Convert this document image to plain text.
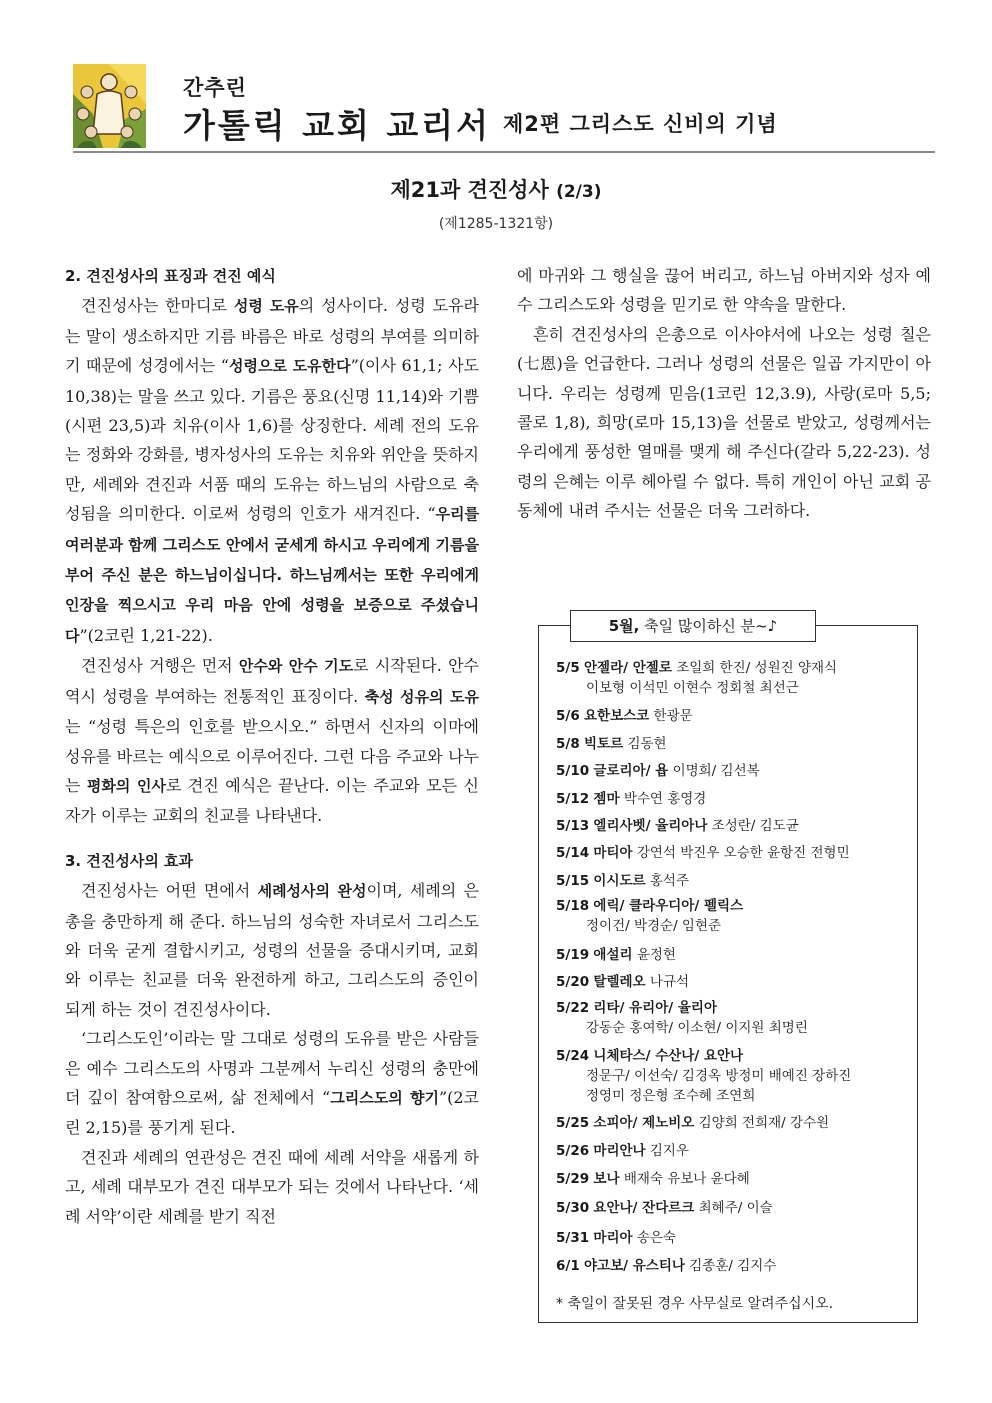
간추린
가톨릭 교회 교리서 제2편 그리스도 신비의 기념
제21과 견진성사 (2/3)
(제1285-1321항)
2. 견진성사의 표징과 견진 예식

견진성사는 한마디로 성령 도유의 성사이다. 성령 도유라는 말이 생소하지만 기름 바름은 바로 성령의 부여를 의미하기 때문에 성경에서는 “성령으로 도유한다”(이사 61,1; 사도 10,38)는 말을 쓰고 있다. 기름은 풍요(신명 11,14)와 기쁨(시편 23,5)과 치유(이사 1,6)를 상징한다. 세례 전의 도유는 정화와 강화를, 병자성사의 도유는 치유와 위안을 뜻하지만, 세례와 견진과 서품 때의 도유는 하느님의 사람으로 축성됨을 의미한다. 이로써 성령의 인호가 새겨진다. “우리를 여러분과 함께 그리스도 안에서 굳세게 하시고 우리에게 기름을 부어 주신 분은 하느님이십니다. 하느님께서는 또한 우리에게 인장을 찍으시고 우리 마음 안에 성령을 보증으로 주셨습니다”(2코린 1,21-22).

견진성사 거행은 먼저 안수와 안수 기도로 시작된다. 안수 역시 성령을 부여하는 전통적인 표징이다. 축성 성유의 도유는 “성령 특은의 인호를 받으시오.” 하면서 신자의 이마에 성유를 바르는 예식으로 이루어진다. 그런 다음 주교와 나누는 평화의 인사로 견진 예식은 끝난다. 이는 주교와 모든 신자가 이루는 교회의 친교를 나타낸다.

3. 견진성사의 효과

견진성사는 어떤 면에서 세례성사의 완성이며, 세례의 은총을 충만하게 해 준다. 하느님의 성숙한 자녀로서 그리스도와 더욱 굳게 결합시키고, 성령의 선물을 증대시키며, 교회와 이루는 친교를 더욱 완전하게 하고, 그리스도의 증인이 되게 하는 것이 견진성사이다.

‘그리스도인’이라는 말 그대로 성령의 도유를 받은 사람들은 예수 그리스도의 사명과 그분께서 누리신 성령의 충만에 더 깊이 참여함으로써, 삶 전체에서 “그리스도의 향기”(2코린 2,15)를 풍기게 된다.

견진과 세례의 연관성은 견진 때에 세례 서약을 새롭게 하고, 세례 대부모가 견진 대부모가 되는 것에서 나타난다. ‘세례 서약’이란 세례를 받기 직전

에 마귀와 그 행실을 끊어 버리고, 하느님 아버지와 성자 예수 그리스도와 성령을 믿기로 한 약속을 말한다.

흔히 견진성사의 은총으로 이사야서에 나오는 성령 칠은(七恩)을 언급한다. 그러나 성령의 선물은 일곱 가지만이 아니다. 우리는 성령께 믿음(1코린 12,3.9), 사랑(로마 5,5; 콜로 1,8), 희망(로마 15,13)을 선물로 받았고, 성령께서는 우리에게 풍성한 열매를 맺게 해 주신다(갈라 5,22-23). 성령의 은혜는 이루 헤아릴 수 없다. 특히 개인이 아닌 교회 공동체에 내려 주시는 선물은 더욱 그러하다.

5월, 축일 많이하신 분~♪
5/5 안젤라/ 안젤로 조일희 한진/ 성원진 양재식
이보형 이석민 이현수 정회철 최선근
5/6 요한보스코 한광문
5/8 빅토르 김동현
5/10 글로리아/ 욥 이명희/ 김선복
5/12 젬마 박수연 홍영경
5/13 엘리사벳/ 율리아나 조성란/ 김도균
5/14 마티아 강연석 박진우 오승한 윤항진 전형민
5/15 이시도르 홍석주
5/18 에릭/ 클라우디아/ 펠릭스
정이건/ 박경순/ 임현준
5/19 애설리 윤정현
5/20 탈렐레오 나규석
5/22 리타/ 유리아/ 율리아
강동순 홍여학/ 이소현/ 이지원 최명린
5/24 니체타스/ 수산나/ 요안나
정문구/ 이선숙/ 김경옥 방정미 배예진 장하진
정영미 정은형 조수혜 조연희
5/25 소피아/ 제노비오 김양희 전희재/ 강수원
5/26 마리안나 김지우
5/29 보나 배재숙 유보나 윤다혜
5/30 요안나/ 잔다르크 최혜주/ 이슬
5/31 마리아 송은숙
6/1 야고보/ 유스티나 김종훈/ 김지수
* 축일이 잘못된 경우 사무실로 알려주십시오.
